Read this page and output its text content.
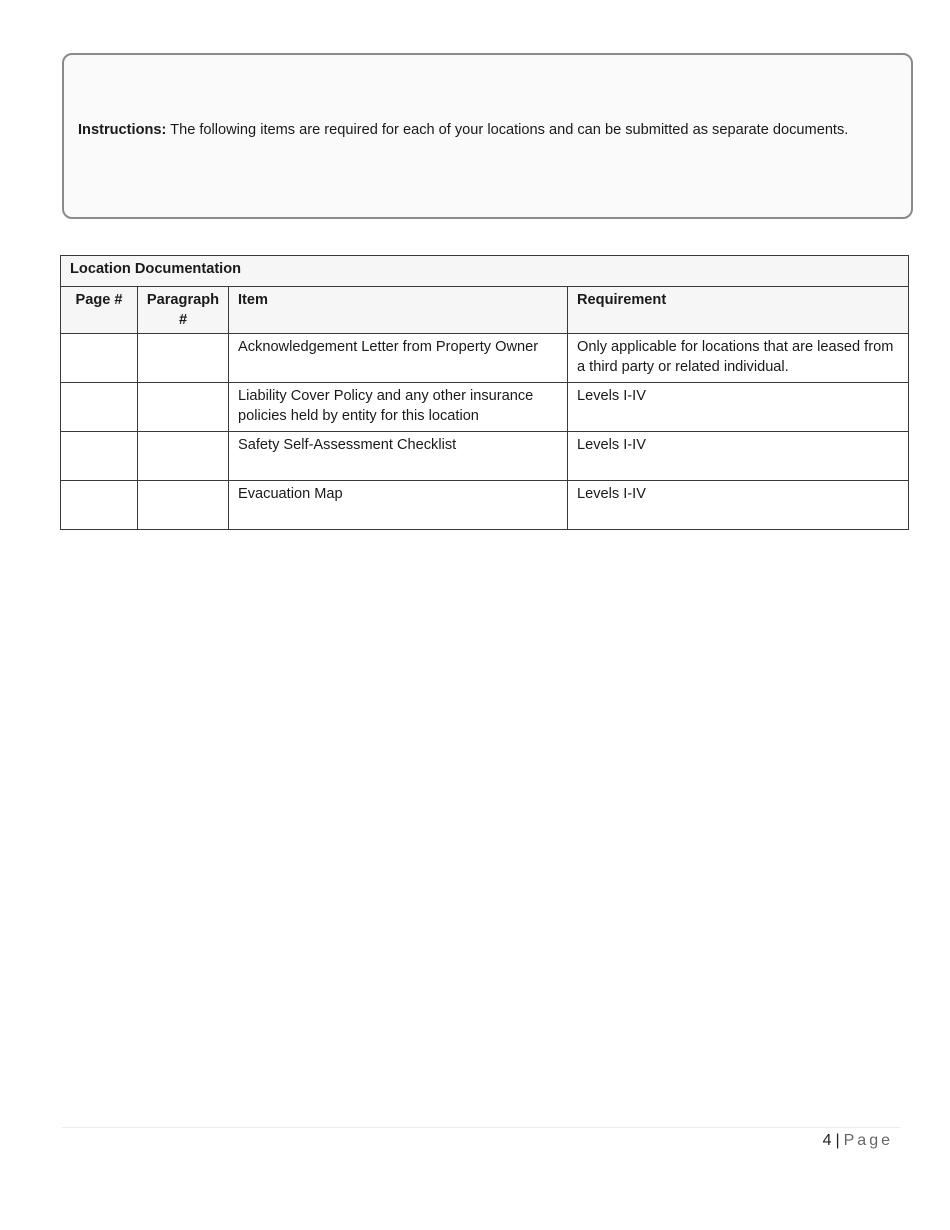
Instructions: The following items are required for each of your locations and can be submitted as separate documents.
Location Documentation			
Page #	Paragraph #	Item	Requirement
		Acknowledgement Letter from Property Owner	Only applicable for locations that are leased from a third party or related individual.
		Liability Cover Policy and any other insurance policies held by entity for this location	Levels I-IV
		Safety Self-Assessment Checklist	Levels I-IV
		Evacuation Map	Levels I-IV
4 | Page
